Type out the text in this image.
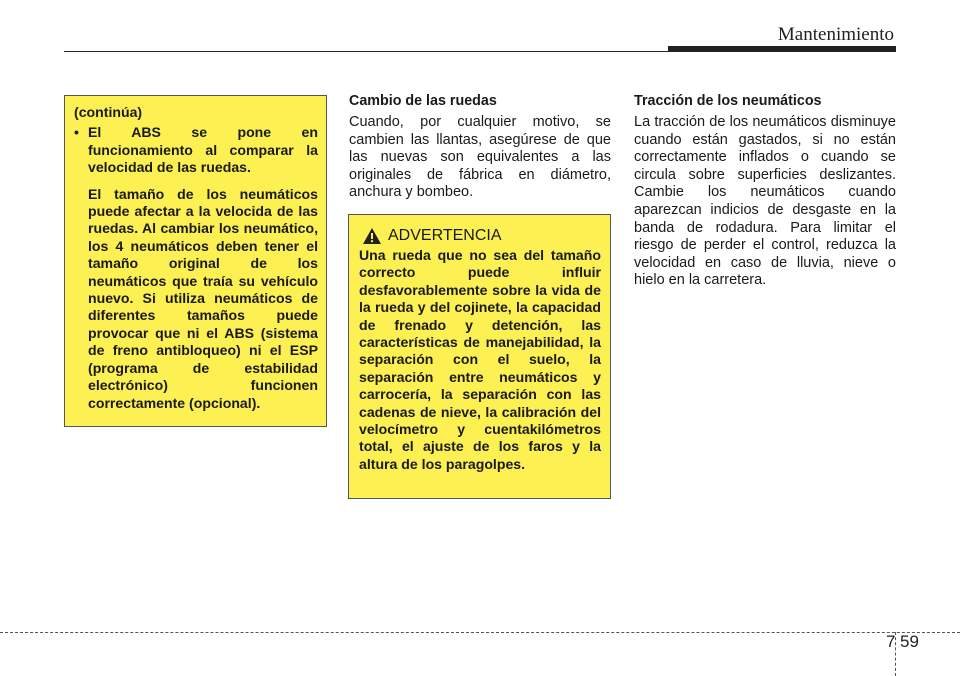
Mantenimiento

(continúa)

• El ABS se pone en funcionamiento al comparar la velocidad de las ruedas.

El tamaño de los neumáticos puede afectar a la velocida de las ruedas. Al cambiar los neumático, los 4 neumáticos deben tener el tamaño original de los neumáticos que traía su vehículo nuevo. Si utiliza neumáticos de diferentes tamaños puede provocar que ni el ABS (sistema de freno antibloqueo) ni el ESP (programa de estabilidad electrónico) funcionen correctamente (opcional).

Cambio de las ruedas

Cuando, por cualquier motivo, se cambien las llantas, asegúrese de que las nuevas son equivalentes a las originales de fábrica en diámetro, anchura y bombeo.

ADVERTENCIA

Una rueda que no sea del tamaño correcto puede influir desfavorablemente sobre la vida de la rueda y del cojinete, la capacidad de frenado y detención, las características de manejabilidad, la separación con el suelo, la separación entre neumáticos y carrocería, la separación con las cadenas de nieve, la calibración del velocímetro y cuentakilómetros total, el ajuste de los faros y la altura de los paragolpes.

Tracción de los neumáticos

La tracción de los neumáticos disminuye cuando están gastados, si no están correctamente inflados o cuando se circula sobre superficies deslizantes. Cambie los neumáticos cuando aparezcan indicios de desgaste en la banda de rodadura. Para limitar el riesgo de perder el control, reduzca la velocidad en caso de lluvia, nieve o hielo en la carretera.

7 59
